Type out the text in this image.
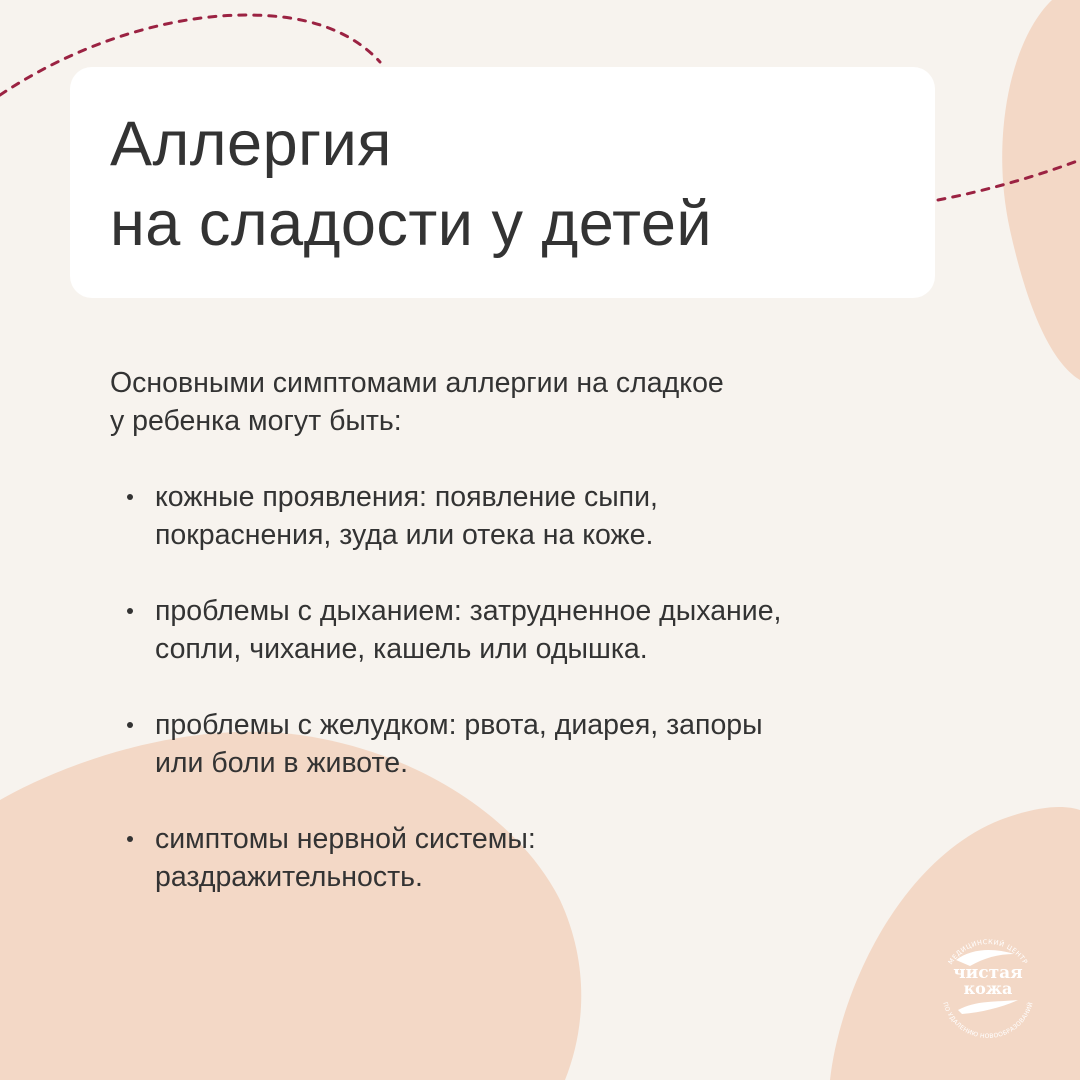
Аллергия
на сладости у детей
Основными симптомами аллергии на сладкое
у ребенка могут быть:
кожные проявления: появление сыпи,
покраснения, зуда или отека на коже.
проблемы с дыханием: затрудненное дыхание,
сопли, чихание, кашель или одышка.
проблемы с желудком: рвота, диарея, запоры
или боли в животе.
симптомы нервной системы:
раздражительность.
МЕДИЦИНСКИЙ ЦЕНТР
чистая
кожа
ПО УДАЛЕНИЮ НОВООБРАЗОВАНИЙ
